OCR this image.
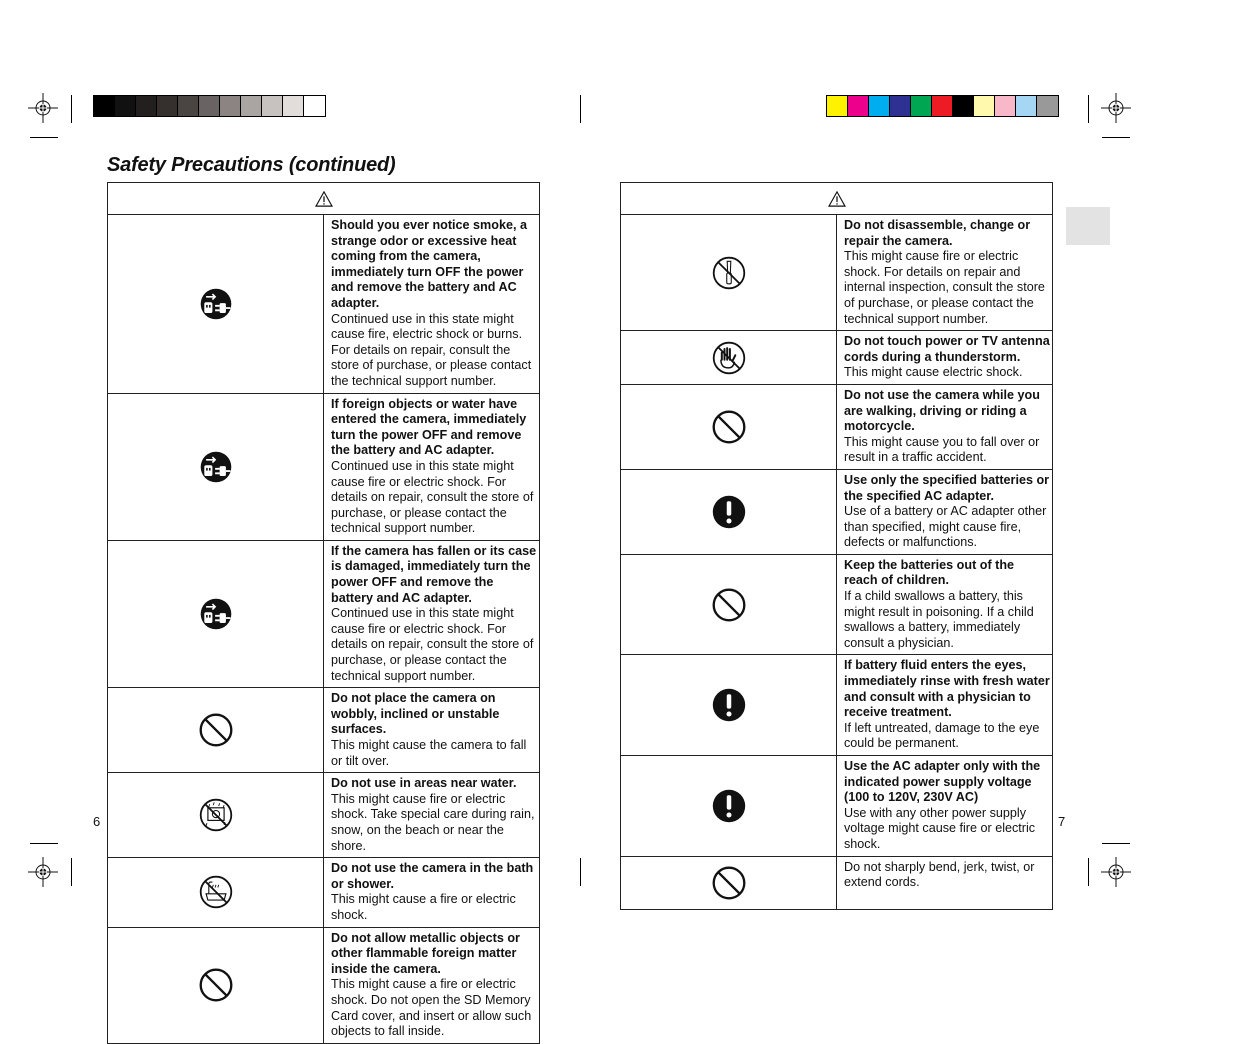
Safety Precautions (continued)

Should you ever notice smoke, a strange odor or excessive heat coming from the camera, immediately turn OFF the power and remove the battery and AC adapter.
Continued use in this state might cause fire, electric shock or burns. For details on repair, consult the store of purchase, or please contact the technical support number.

If foreign objects or water have entered the camera, immediately turn the power OFF and remove the battery and AC adapter.
Continued use in this state might cause fire or electric shock. For details on repair, consult the store of purchase, or please contact the technical support number.

If the camera has fallen or its case is damaged, immediately turn the power OFF and remove the battery and AC adapter.
Continued use in this state might cause fire or electric shock. For details on repair, consult the store of purchase, or please contact the technical support number.

Do not place the camera on wobbly, inclined or unstable surfaces.
This might cause the camera to fall or tilt over.

Do not use in areas near water.
This might cause fire or electric shock. Take special care during rain, snow, on the beach or near the shore.

Do not use the camera in the bath or shower.
This might cause a fire or electric shock.

Do not allow metallic objects or other flammable foreign matter inside the camera.
This might cause a fire or electric shock. Do not open the SD Memory Card cover, and insert or allow such objects to fall inside.

Do not disassemble, change or repair the camera.
This might cause fire or electric shock. For details on repair and internal inspection, consult the store of purchase, or please contact the technical support number.

Do not touch power or TV antenna cords during a thunderstorm.
This might cause electric shock.

Do not use the camera while you are walking, driving or riding a motorcycle.
This might cause you to fall over or result in a traffic accident.

Use only the specified batteries or the specified AC adapter.
Use of a battery or AC adapter other than specified, might cause fire, defects or malfunctions.

Keep the batteries out of the reach of children.
If a child swallows a battery, this might result in poisoning. If a child swallows a battery, immediately consult a physician.

If battery fluid enters the eyes, immediately rinse with fresh water and consult with a physician to receive treatment.
If left untreated, damage to the eye could be permanent.

Use the AC adapter only with the indicated power supply voltage (100 to 120V, 230V AC)
Use with any other power supply voltage might cause fire or electric shock.

Do not sharply bend, jerk, twist, or extend cords.
6	7
